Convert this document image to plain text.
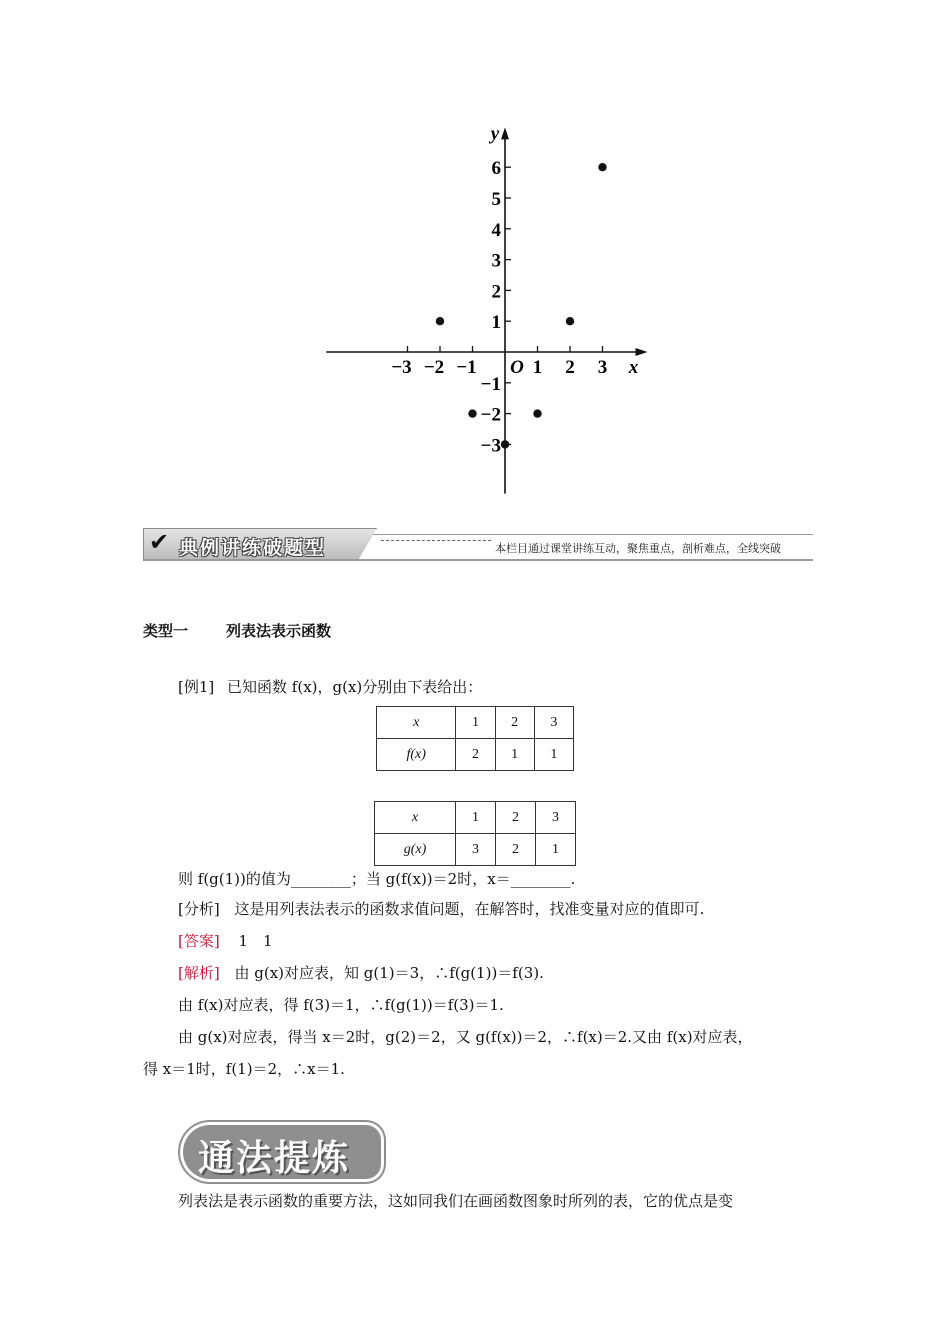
−3 −2 −1	1 2 3
6
5
4
3
2
1
−1
−2
−3
x
y
O
✔ 典例讲练破题型	本栏目通过课堂讲练互动，聚焦重点，剖析难点，全线突破
类型一	列表法表示函数
[例1] 已知函数 f(x)，g(x)分别由下表给出：
x	1	2	3
f(x)	2	1	1
x	1	2	3
g(x)	3	2	1
则 f(g(1))的值为________；当 g(f(x))＝2时，x＝________.
[分析] 这是用列表法表示的函数求值问题，在解答时，找准变量对应的值即可.
[答案] 1　1
[解析] 由 g(x)对应表，知 g(1)＝3，∴f(g(1))＝f(3).
由 f(x)对应表，得 f(3)＝1，∴f(g(1))＝f(3)＝1.
由 g(x)对应表，得当 x＝2时，g(2)＝2，又 g(f(x))＝2，∴f(x)＝2.又由 f(x)对应表，
得 x＝1时，f(1)＝2，∴x＝1.
通法提炼
列表法是表示函数的重要方法，这如同我们在画函数图象时所列的表，它的优点是变
